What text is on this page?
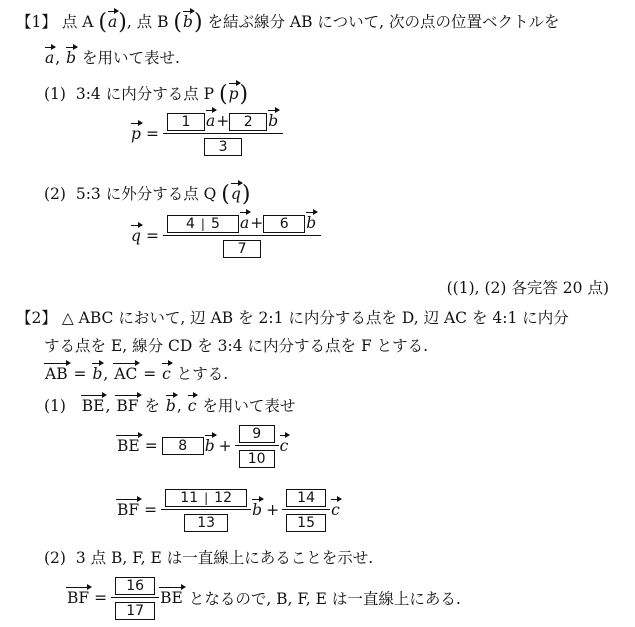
【1】 点 A (a), 点 B (b) を結ぶ線分 AB について, 次の点の位置ベクトルを
a, b を用いて表せ.
(1) 3:4 に内分する点 P (p)
$p = \frac{1 a+ 2 b}{3}$
(2) 5:3 に外分する点 Q (q)
$q = \frac{4 | 5 a+ 6 b}{7}$
((1), (2) 各完答 20 点)
【2】 △ ABC において, 辺 AB を 2:1 に内分する点を D, 辺 AC を 4:1 に内分
する点を E, 線分 CD を 3:4 に内分する点を F とする.
AB = b, AC = c とする.
(1) BE, BF を b, c を用いて表せ
BE =	8	$b + \frac{9}{10}$ c
BF = $\frac{11 | 12}{13}$ $b + \frac{14}{15}$ c
(2) 3 点 B, F, E は一直線上にあることを示せ.
BF = $\frac{16}{17}$ BE
となるので, B, F, E は一直線上にある.
